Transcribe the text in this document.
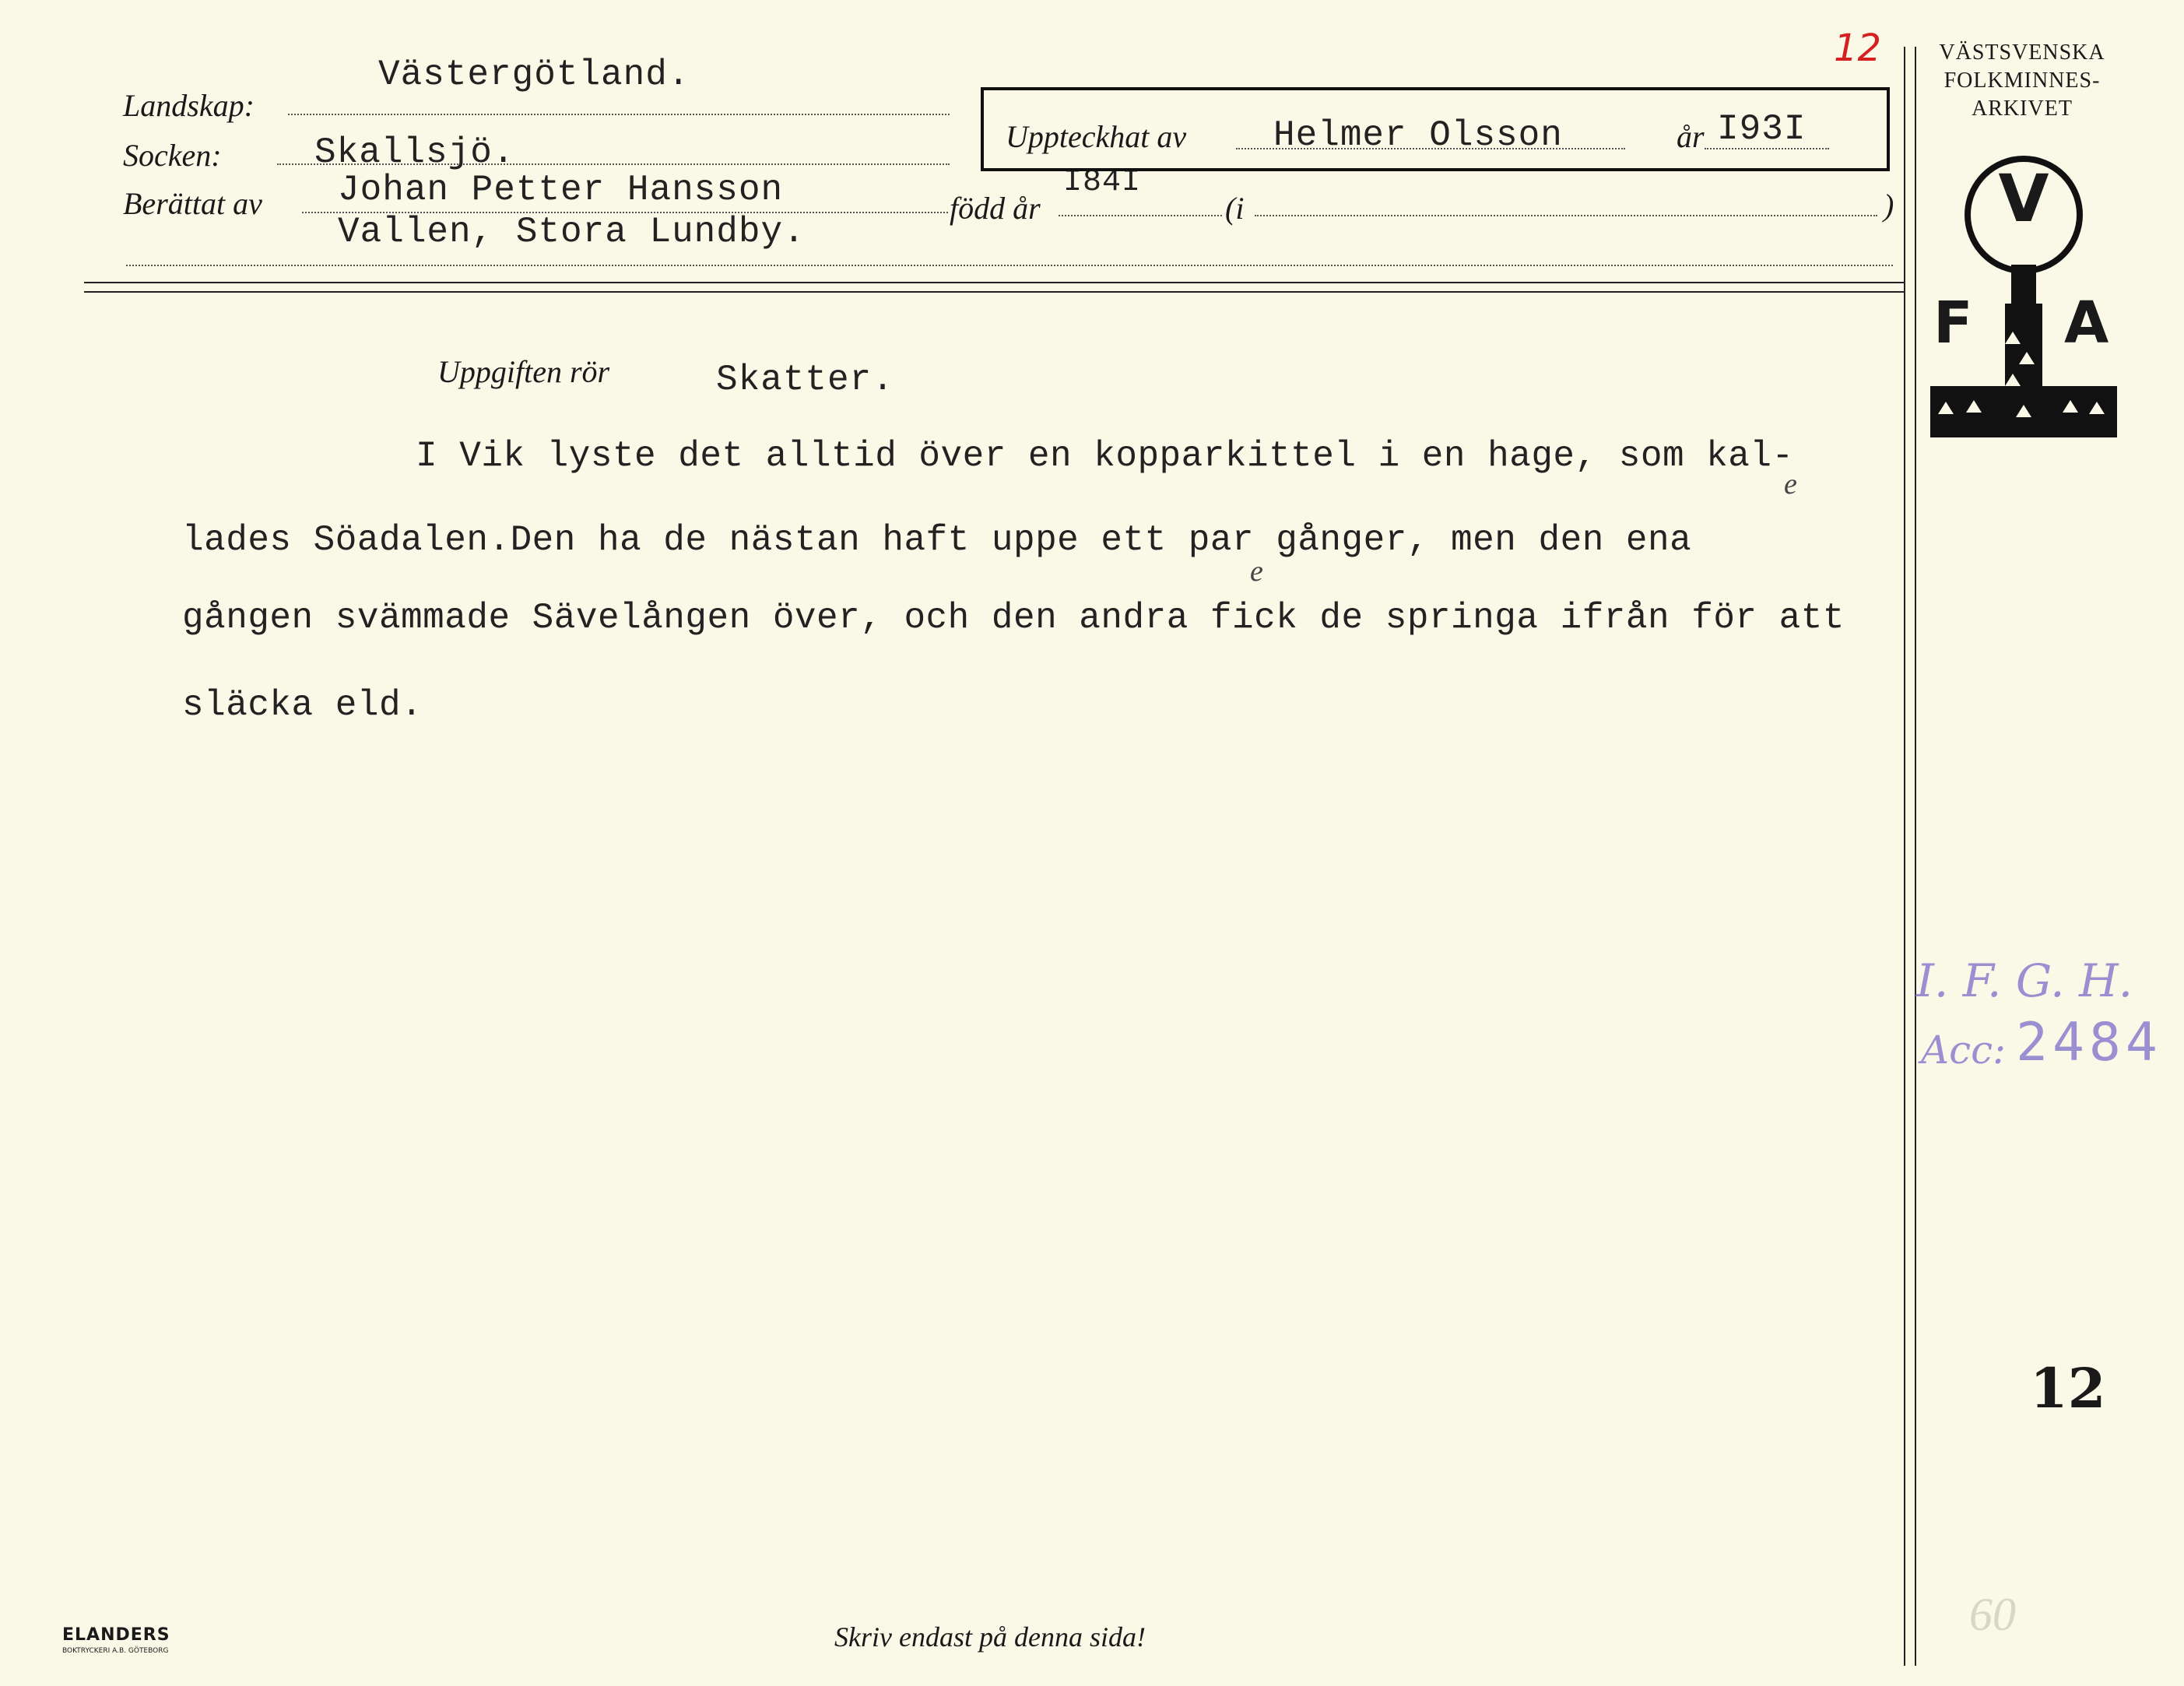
Landskap:
Västergötland.
Socken:	Skallsjö.
Berättat av Johan Petter Hansson
Vallen, Stora Lundby.
född år
I84I
(i	)
Uppteckhat av Helmer Olsson	år I93I
12	VÄSTSVENSKA
FOLKMINNES-
ARKIVET
V
F A
Uppgiften rör	Skatter.
I Vik lyste det alltid över en kopparkittel i en hage, som kal-
lades Söadalen.Den ha de nästan haft uppe ett par gånger, men den ena
gången svämmade Sävelången över, och den andra fick de springa ifrån för att
släcka eld.
e
e
I. F. G. H.
Acc: 2484
12
60
ELANDERS
BOKTRYCKERI A.B. GÖTEBORG	Skriv endast på denna sida!
